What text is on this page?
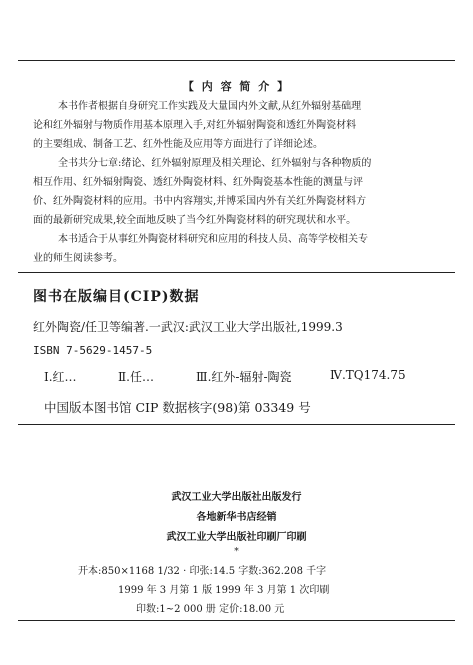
【 内 容 简 介 】
本书作者根据自身研究工作实践及大量国内外文献,从红外辐射基础理
论和红外辐射与物质作用基本原理入手,对红外辐射陶瓷和透红外陶瓷材料
的主要组成、制备工艺、红外性能及应用等方面进行了详细论述。
全书共分七章:绪论、红外辐射原理及相关理论、红外辐射与各种物质的
相互作用、红外辐射陶瓷、透红外陶瓷材料、红外陶瓷基本性能的测量与评
价、红外陶瓷材料的应用。书中内容翔实,并博采国内外有关红外陶瓷材料方
面的最新研究成果,较全面地反映了当今红外陶瓷材料的研究现状和水平。
本书适合于从事红外陶瓷材料研究和应用的科技人员、高等学校相关专
业的师生阅读参考。
图书在版编目(CIP)数据
红外陶瓷/任卫等编著.一武汉:武汉工业大学出版社,1999.3
ISBN 7-5629-1457-5
Ⅰ.红…	Ⅱ.任…	Ⅲ.红外-辐射-陶瓷	Ⅳ.TQ174.75
中国版本图书馆 CIP 数据核字(98)第 03349 号
武汉工业大学出版社出版发行
各地新华书店经销
武汉工业大学出版社印刷厂印刷
*
开本:850×1168 1/32 · 印张:14.5 字数:362.208 千字
1999 年 3 月第 1 版 1999 年 3 月第 1 次印刷
印数:1~2 000 册 定价:18.00 元
